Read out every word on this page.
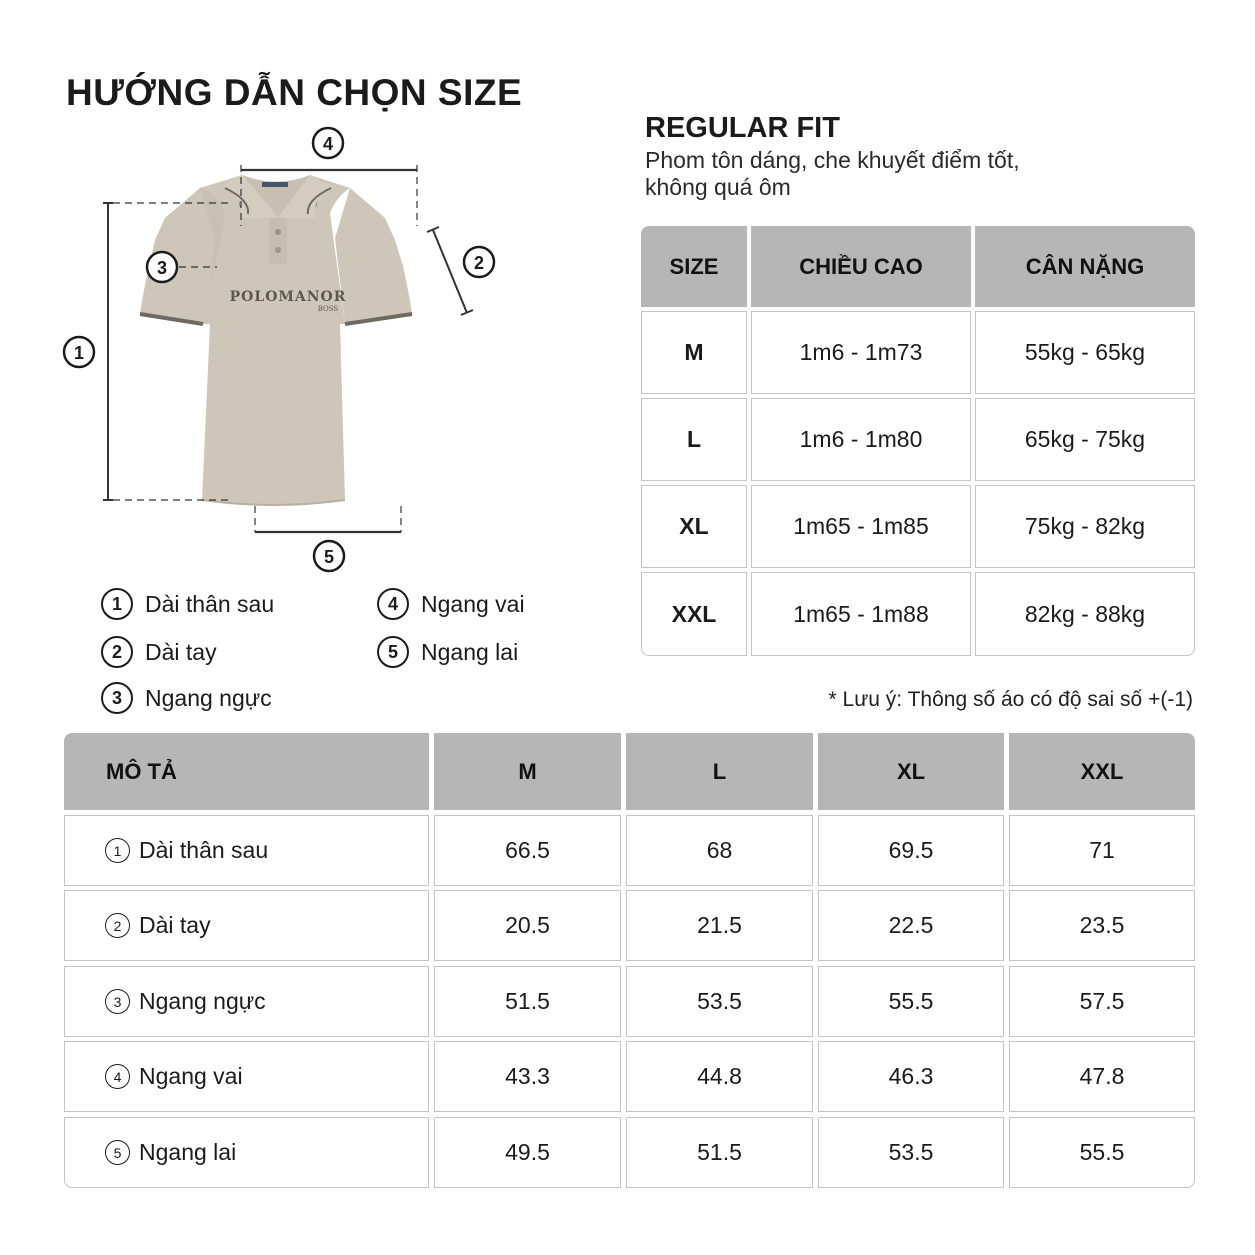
HƯỚNG DẪN CHỌN SIZE
POLOMANOR
BOSS
1
4
2
3
5
1	Dài thân sau
2	Dài tay
3	Ngang ngực
4	Ngang vai
5	Ngang lai
REGULAR FIT
Phom tôn dáng, che khuyết điểm tốt,
không quá ôm
SIZE	CHIỀU CAO	CÂN NẶNG
M	1m6 - 1m73	55kg - 65kg
L	1m6 - 1m80	65kg - 75kg
XL	1m65 - 1m85	75kg - 82kg
XXL	1m65 - 1m88	82kg - 88kg
* Lưu ý: Thông số áo có độ sai số +(-1)
MÔ TẢ	M	L	XL	XXL
1 Dài thân sau	66.5	68	69.5	71
2 Dài tay	20.5	21.5	22.5	23.5
3 Ngang ngực	51.5	53.5	55.5	57.5
4 Ngang vai	43.3	44.8	46.3	47.8
5 Ngang lai	49.5	51.5	53.5	55.5
